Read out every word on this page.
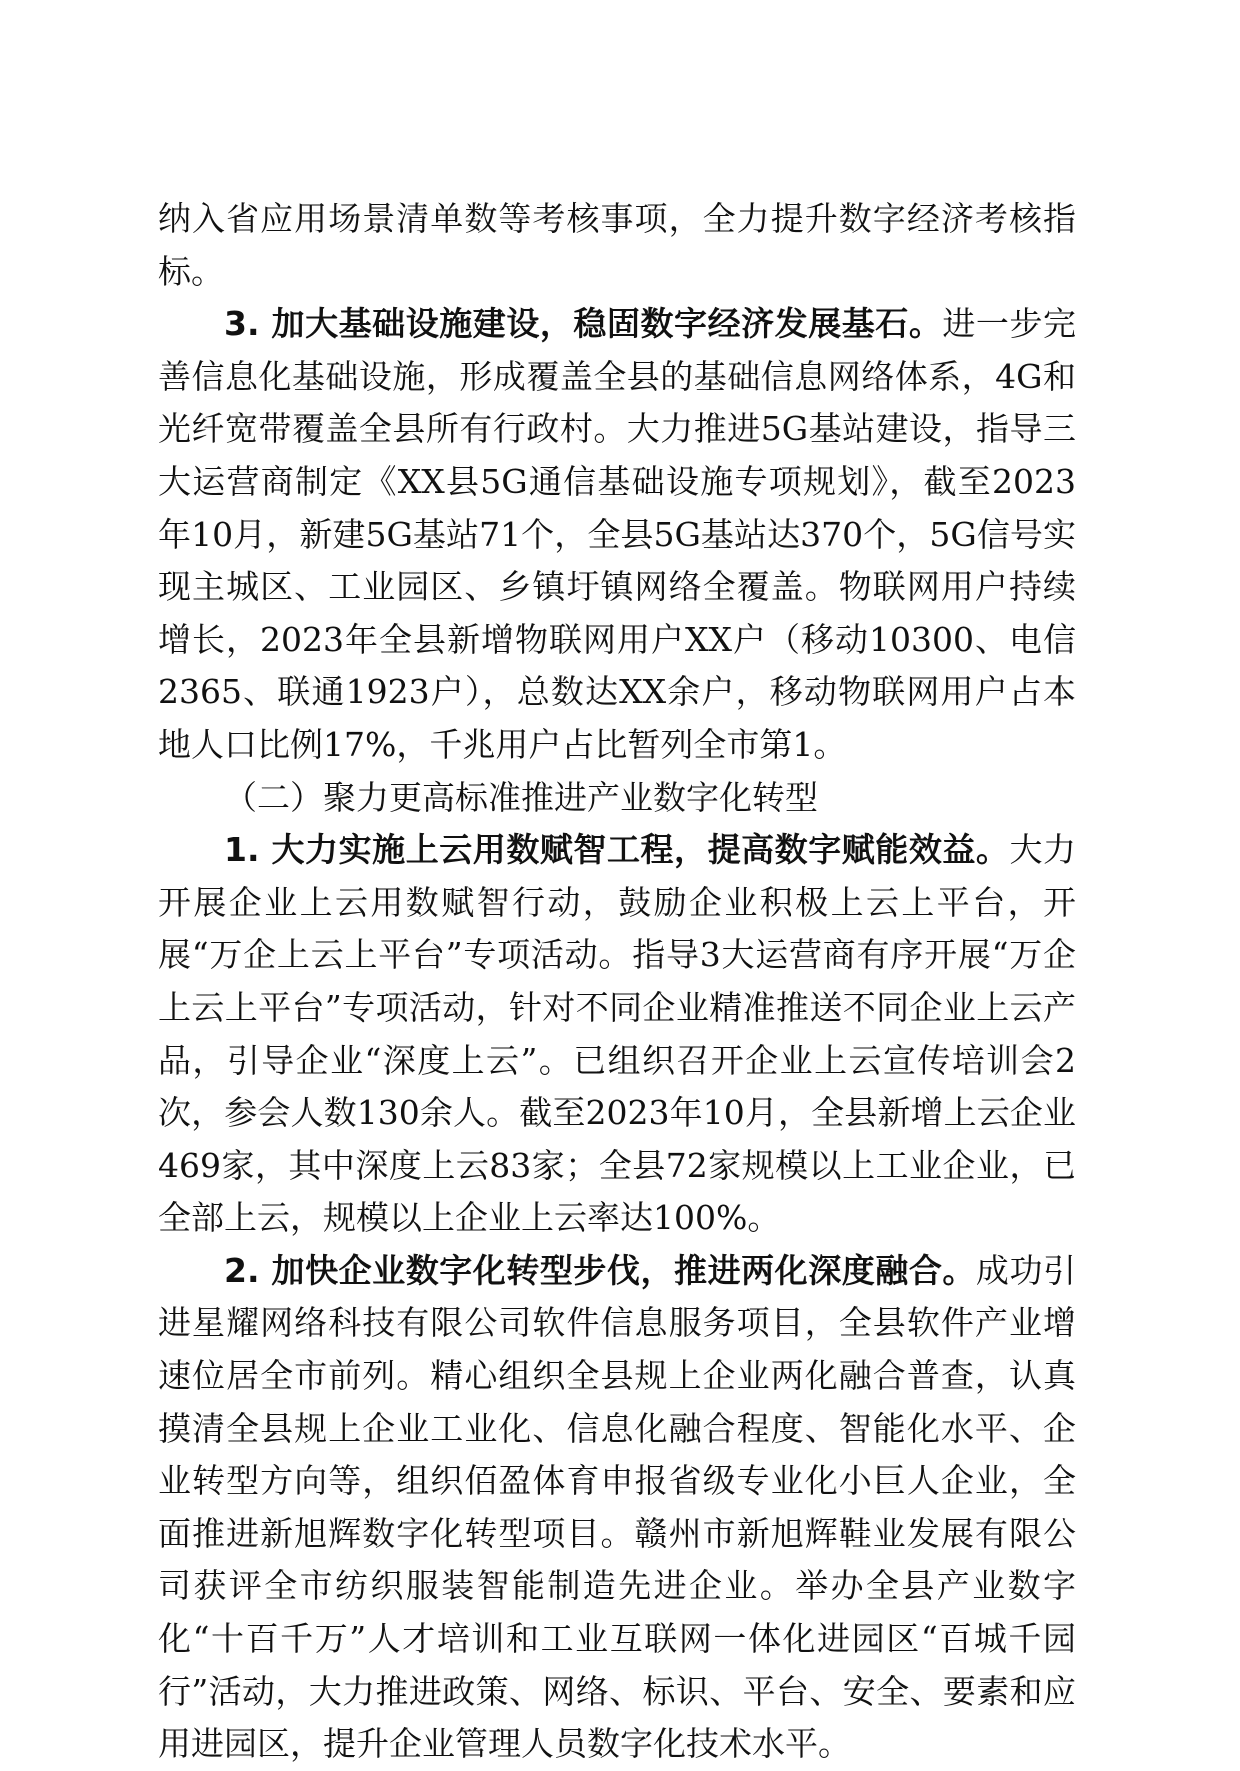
纳入省应用场景清单数等考核事项，全力提升数字经济考核指标。

3. 加大基础设施建设，稳固数字经济发展基石。进一步完善信息化基础设施，形成覆盖全县的基础信息网络体系，4G和光纤宽带覆盖全县所有行政村。大力推进5G基站建设，指导三大运营商制定《XX县5G通信基础设施专项规划》，截至2023年10月，新建5G基站71个，全县5G基站达370个，5G信号实现主城区、工业园区、乡镇圩镇网络全覆盖。物联网用户持续增长，2023年全县新增物联网用户XX户（移动10300、电信2365、联通1923户），总数达XX余户，移动物联网用户占本地人口比例17%，千兆用户占比暂列全市第1。

（二）聚力更高标准推进产业数字化转型

1. 大力实施上云用数赋智工程，提高数字赋能效益。大力开展企业上云用数赋智行动，鼓励企业积极上云上平台，开展“万企上云上平台”专项活动。指导3大运营商有序开展“万企上云上平台”专项活动，针对不同企业精准推送不同企业上云产品，引导企业“深度上云”。已组织召开企业上云宣传培训会2次，参会人数130余人。截至2023年10月，全县新增上云企业469家，其中深度上云83家；全县72家规模以上工业企业，已全部上云，规模以上企业上云率达100%。

2. 加快企业数字化转型步伐，推进两化深度融合。成功引进星耀网络科技有限公司软件信息服务项目，全县软件产业增速位居全市前列。精心组织全县规上企业两化融合普查，认真摸清全县规上企业工业化、信息化融合程度、智能化水平、企业转型方向等，组织佰盈体育申报省级专业化小巨人企业，全面推进新旭辉数字化转型项目。赣州市新旭辉鞋业发展有限公司获评全市纺织服装智能制造先进企业。举办全县产业数字化“十百千万”人才培训和工业互联网一体化进园区“百城千园行”活动，大力推进政策、网络、标识、平台、安全、要素和应用进园区，提升企业管理人员数字化技术水平。
